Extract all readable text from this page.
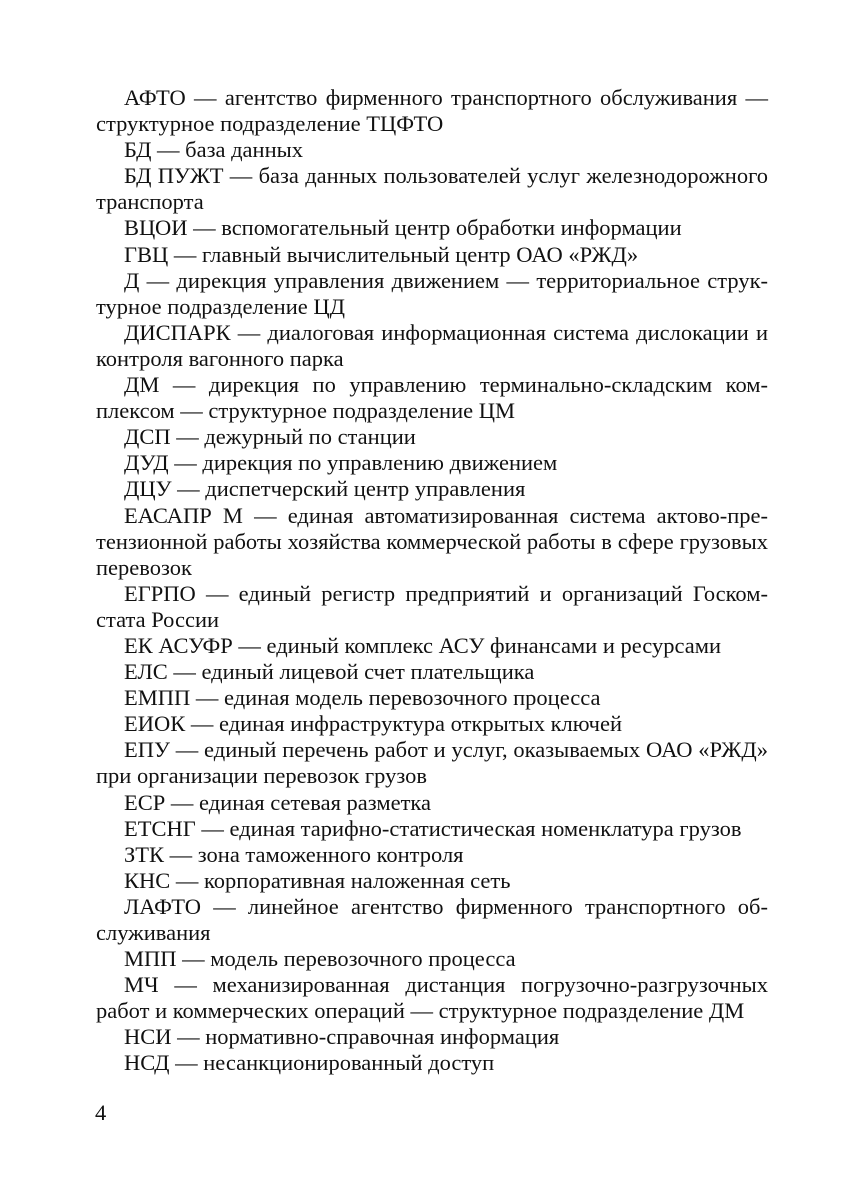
АФТО — агентство фирменного транспортного обслуживания — структурное подразделение ТЦФТО
БД — база данных
БД ПУЖТ — база данных пользователей услуг железнодорожного транспорта
ВЦОИ — вспомогательный центр обработки информации
ГВЦ — главный вычислительный центр ОАО «РЖД»
Д — дирекция управления движением — территориальное структурное подразделение ЦД
ДИСПАРК — диалоговая информационная система дислокации и контроля вагонного парка
ДМ — дирекция по управлению терминально-складским комплексом — структурное подразделение ЦМ
ДСП — дежурный по станции
ДУД — дирекция по управлению движением
ДЦУ — диспетчерский центр управления
ЕАСАПР М — единая автоматизированная система актово-претензионной работы хозяйства коммерческой работы в сфере грузовых перевозок
ЕГРПО — единый регистр предприятий и организаций Госкомстата России
ЕК АСУФР — единый комплекс АСУ финансами и ресурсами
ЕЛС — единый лицевой счет плательщика
ЕМПП — единая модель перевозочного процесса
ЕИОК — единая инфраструктура открытых ключей
ЕПУ — единый перечень работ и услуг, оказываемых ОАО «РЖД» при организации перевозок грузов
ЕСР — единая сетевая разметка
ЕТСНГ — единая тарифно-статистическая номенклатура грузов
ЗТК — зона таможенного контроля
КНС — корпоративная наложенная сеть
ЛАФТО — линейное агентство фирменного транспортного обслуживания
МПП — модель перевозочного процесса
МЧ — механизированная дистанция погрузочно-разгрузочных работ и коммерческих операций — структурное подразделение ДМ
НСИ — нормативно-справочная информация
НСД — несанкционированный доступ
4
